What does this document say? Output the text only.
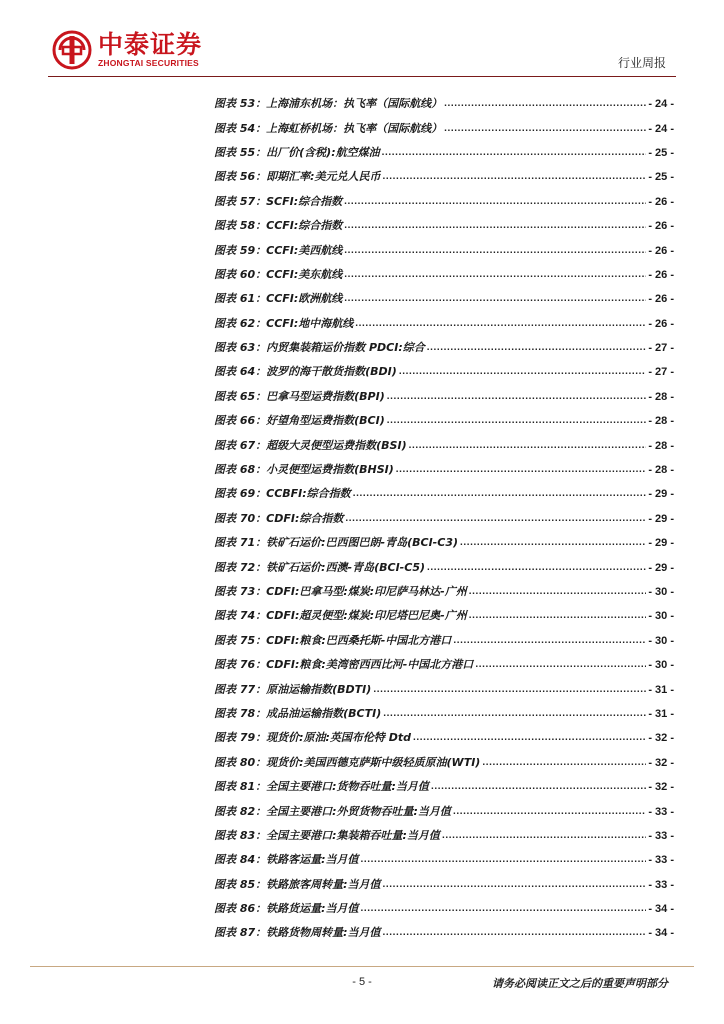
中泰证券
ZHONGTAI SECURITIES	行业周报
图表 53：上海浦东机场：执飞率（国际航线） .....	- 24 -
图表 54：上海虹桥机场：执飞率（国际航线） .....	- 24 -
图表 55：出厂价(含税):航空煤油 .....	- 25 -
图表 56：即期汇率:美元兑人民币 .....	- 25 -
图表 57：SCFI:综合指数 .....	- 26 -
图表 58：CCFI:综合指数 .....	- 26 -
图表 59：CCFI:美西航线 .....	- 26 -
图表 60：CCFI:美东航线 .....	- 26 -
图表 61：CCFI:欧洲航线 .....	- 26 -
图表 62：CCFI:地中海航线 .....	- 26 -
图表 63：内贸集装箱运价指数 PDCI:综合 .....	- 27 -
图表 64：波罗的海干散货指数(BDI) .....	- 27 -
图表 65：巴拿马型运费指数(BPI) .....	- 28 -
图表 66：好望角型运费指数(BCI) .....	- 28 -
图表 67：超级大灵便型运费指数(BSI) .....	- 28 -
图表 68：小灵便型运费指数(BHSI) .....	- 28 -
图表 69：CCBFI:综合指数 .....	- 29 -
图表 70：CDFI:综合指数 .....	- 29 -
图表 71：铁矿石运价:巴西图巴朗-青岛(BCI-C3) .....	- 29 -
图表 72：铁矿石运价:西澳-青岛(BCI-C5) .....	- 29 -
图表 73：CDFI:巴拿马型:煤炭:印尼萨马林达-广州 .....	- 30 -
图表 74：CDFI:超灵便型:煤炭:印尼塔巴尼奥-广州 .....	- 30 -
图表 75：CDFI:粮食:巴西桑托斯-中国北方港口 .....	- 30 -
图表 76：CDFI:粮食:美湾密西西比河-中国北方港口 .....	- 30 -
图表 77：原油运输指数(BDTI) .....	- 31 -
图表 78：成品油运输指数(BCTI) .....	- 31 -
图表 79：现货价:原油:英国布伦特 Dtd .....	- 32 -
图表 80：现货价:美国西德克萨斯中级轻质原油(WTI) .....	- 32 -
图表 81：全国主要港口:货物吞吐量:当月值 .....	- 32 -
图表 82：全国主要港口:外贸货物吞吐量:当月值 .....	- 33 -
图表 83：全国主要港口:集装箱吞吐量:当月值 .....	- 33 -
图表 84：铁路客运量:当月值 .....	- 33 -
图表 85：铁路旅客周转量:当月值 .....	- 33 -
图表 86：铁路货运量:当月值 .....	- 34 -
图表 87：铁路货物周转量:当月值 .....	- 34 -
- 5 -	请务必阅读正文之后的重要声明部分
